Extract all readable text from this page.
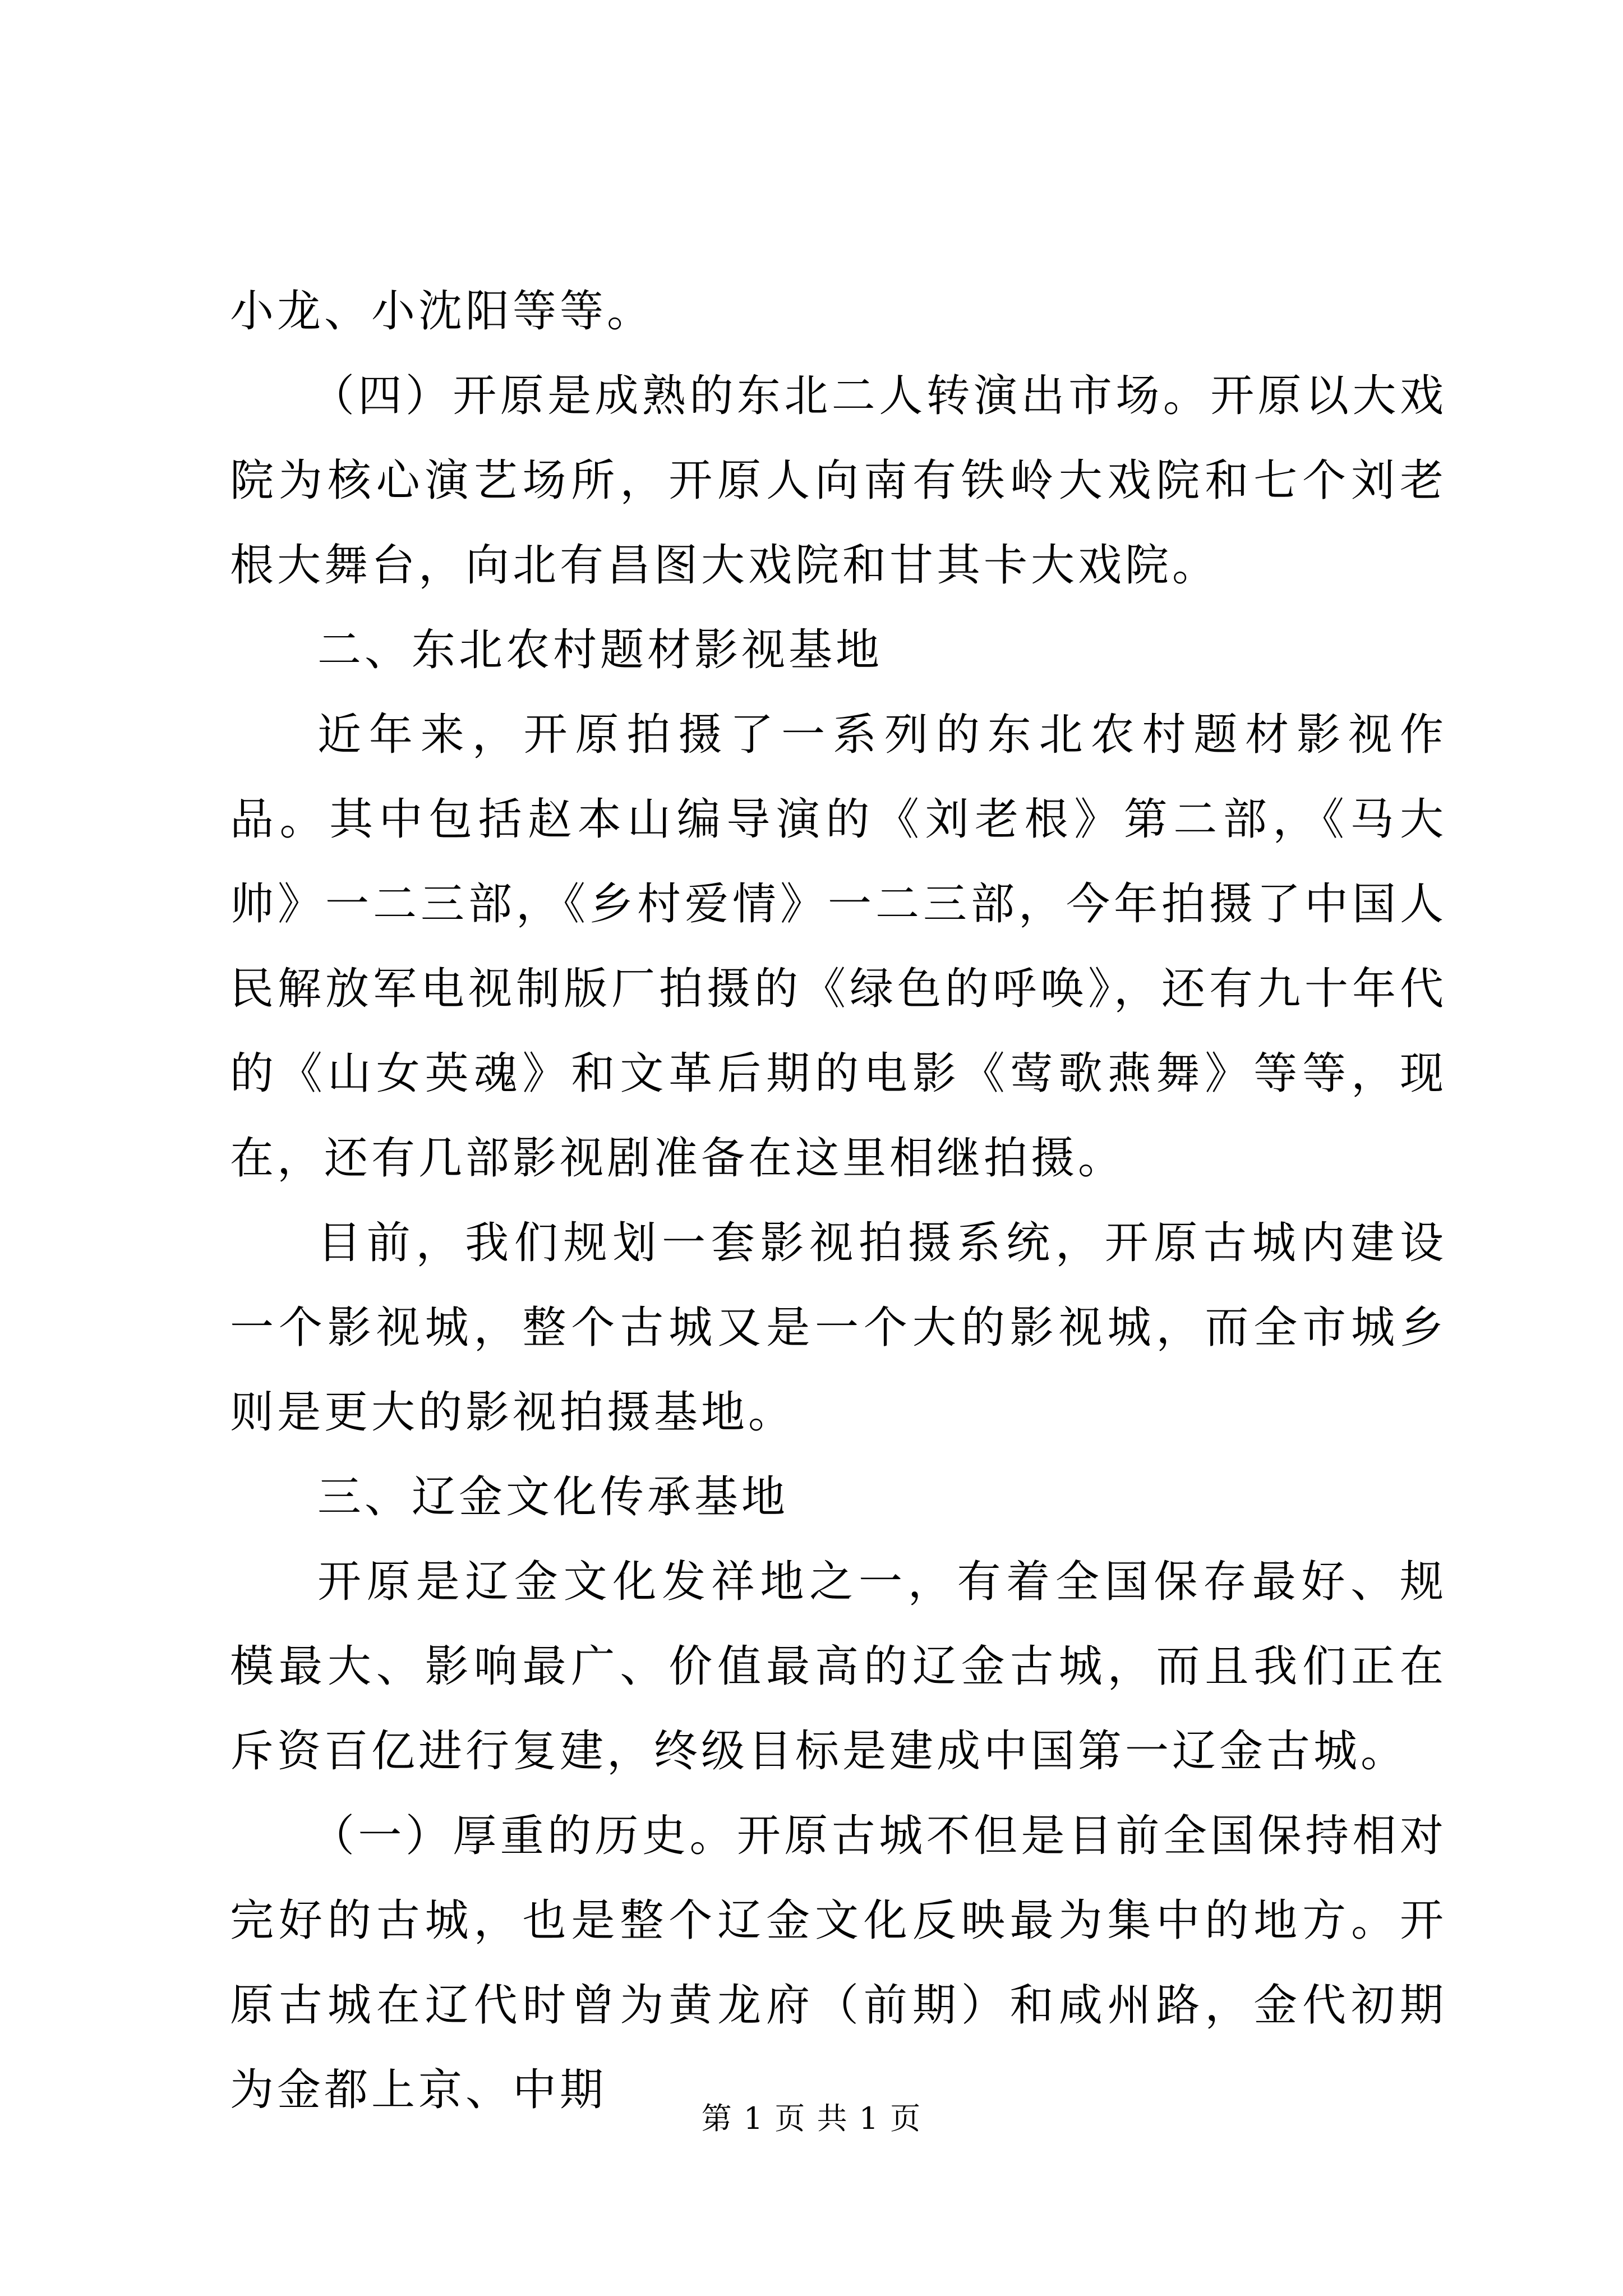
小龙、小沈阳等等。

（四）开原是成熟的东北二人转演出市场。开原以大戏院为核心演艺场所，开原人向南有铁岭大戏院和七个刘老根大舞台，向北有昌图大戏院和甘其卡大戏院。

二、东北农村题材影视基地

近年来，开原拍摄了一系列的东北农村题材影视作品。其中包括赵本山编导演的《刘老根》第二部，《马大帅》一二三部，《乡村爱情》一二三部，今年拍摄了中国人民解放军电视制版厂拍摄的《绿色的呼唤》，还有九十年代的《山女英魂》和文革后期的电影《莺歌燕舞》等等，现在，还有几部影视剧准备在这里相继拍摄。

目前，我们规划一套影视拍摄系统，开原古城内建设一个影视城，整个古城又是一个大的影视城，而全市城乡则是更大的影视拍摄基地。

三、辽金文化传承基地

开原是辽金文化发祥地之一，有着全国保存最好、规模最大、影响最广、价值最高的辽金古城，而且我们正在斥资百亿进行复建，终级目标是建成中国第一辽金古城。

（一）厚重的历史。开原古城不但是目前全国保持相对完好的古城，也是整个辽金文化反映最为集中的地方。开原古城在辽代时曾为黄龙府（前期）和咸州路，金代初期为金都上京、中期

第 1 页 共 1 页
